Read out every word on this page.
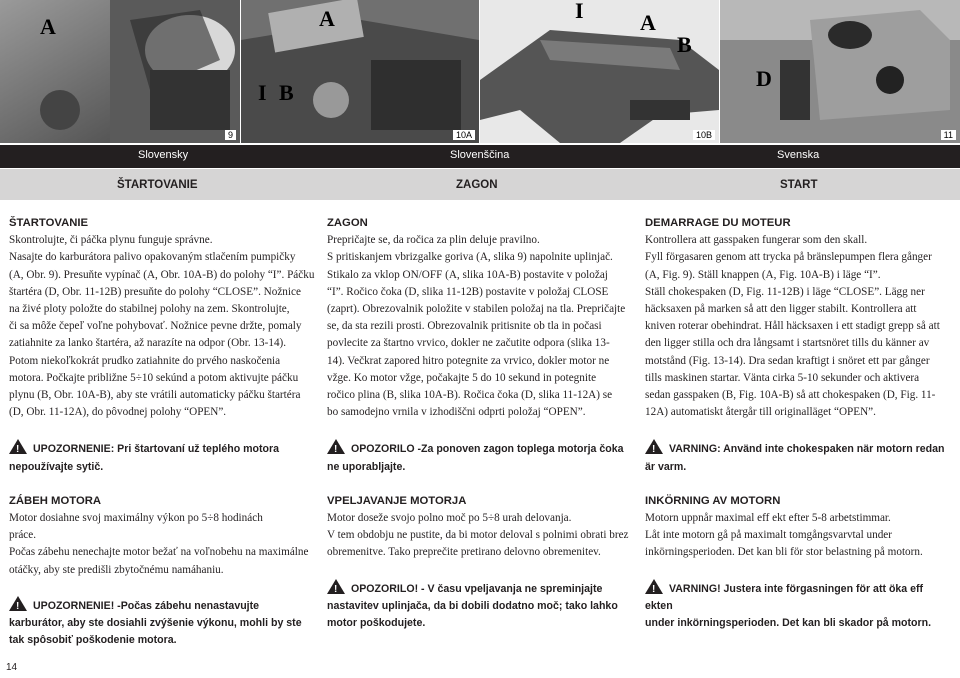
A
9
I B
A
10A
I	A
B
10B
D
11
Slovensky	Slovenščina	Svenska
ŠTARTOVANIE	ZAGON	START

ŠTARTOVANIE

Skontrolujte, či páčka plynu funguje správne.

Nasajte do karburátora palivo opakovaným stlačením pumpičky

(A, Obr. 9). Presuňte vypínač (A, Obr. 10A-B) do polohy “I”. Páčku

štartéra (D, Obr. 11-12B) presuňte do polohy “CLOSE”. Nožnice

na živé ploty položte do stabilnej polohy na zem. Skontrolujte,

či sa môže čepeľ voľne pohybovať. Nožnice pevne držte, pomaly

zatiahnite za lanko štartéra, až narazíte na odpor (Obr. 13-14).

Potom niekoľkokrát prudko zatiahnite do prvého naskočenia

motora. Počkajte približne 5÷10 sekúnd a potom aktivujte páčku

plynu (B, Obr. 10A-B), aby ste vrátili automaticky páčku štartéra

(D, Obr. 11-12A), do pôvodnej polohy “OPEN”.

!UPOZORNENIE: Pri štartovaní už teplého motora

nepoužívajte sytič.

ZÁBEH MOTORA

Motor dosiahne svoj maximálny výkon po 5÷8 hodinách

práce.

Počas zábehu nenechajte motor bežať na voľnobehu na maximálne

otáčky, aby ste predišli zbytočnému namáhaniu.

!UPOZORNENIE! -Počas zábehu nenastavujte

karburátor, aby ste dosiahli zvýšenie výkonu, mohli by ste

tak spôsobiť poškodenie motora.

ZAGON

Prepričajte se, da ročica za plin deluje pravilno.

S pritiskanjem vbrizgalke goriva (A, slika 9) napolnite uplinjač.

Stikalo za vklop ON/OFF (A, slika 10A-B) postavite v položaj

“I”. Ročico čoka (D, slika 11-12B) postavite v položaj CLOSE

(zaprt). Obrezovalnik položite v stabilen položaj na tla. Prepričajte

se, da sta rezili prosti. Obrezovalnik pritisnite ob tla in počasi

povlecite za štartno vrvico, dokler ne začutite odpora (slika 13-

14). Večkrat zapored hitro potegnite za vrvico, dokler motor ne

vžge. Ko motor vžge, počakajte 5 do 10 sekund in potegnite

ročico plina (B, slika 10A-B). Ročica čoka (D, slika 11-12A) se

bo samodejno vrnila v izhodiščni odprti položaj “OPEN”.

!OPOZORILO -Za ponoven zagon toplega motorja čoka

ne uporabljajte.

VPELJAVANJE MOTORJA

Motor doseže svojo polno moč po 5÷8 urah delovanja.

V tem obdobju ne pustite, da bi motor deloval s polnimi obrati brez

obremenitve. Tako preprečite pretirano delovno obremenitev.

!OPOZORILO! - V času vpeljavanja ne spreminjajte

nastavitev uplinjača, da bi dobili dodatno moč; tako lahko

motor poškodujete.

DEMARRAGE DU MOTEUR

Kontrollera att gasspaken fungerar som den skall.

Fyll förgasaren genom att trycka på bränslepumpen flera gånger

(A, Fig. 9). Ställ knappen (A, Fig. 10A-B) i läge “I”.

Ställ chokespaken (D, Fig. 11-12B) i läge “CLOSE”. Lägg ner

häcksaxen på marken så att den ligger stabilt. Kontrollera att

kniven roterar obehindrat. Håll häcksaxen i ett stadigt grepp så att

den ligger stilla och dra långsamt i startsnöret tills du känner av

motstånd (Fig. 13-14). Dra sedan kraftigt i snöret ett par gånger

tills maskinen startar. Vänta cirka 5-10 sekunder och aktivera

sedan gasspaken (B, Fig. 10A-B) så att chokespaken (D, Fig. 11-

12A) automatiskt återgår till originalläget “OPEN”.

!VARNING: Använd inte chokespaken när motorn redan

är varm.

INKÖRNING AV MOTORN

Motorn uppnår maximal eff ekt efter 5-8 arbetstimmar.

Låt inte motorn gå på maximalt tomgångsvarvtal under

inkörningsperioden. Det kan bli för stor belastning på motorn.

!VARNING! Justera inte förgasningen för att öka eff ekten

under inkörningsperioden. Det kan bli skador på motorn.

14
